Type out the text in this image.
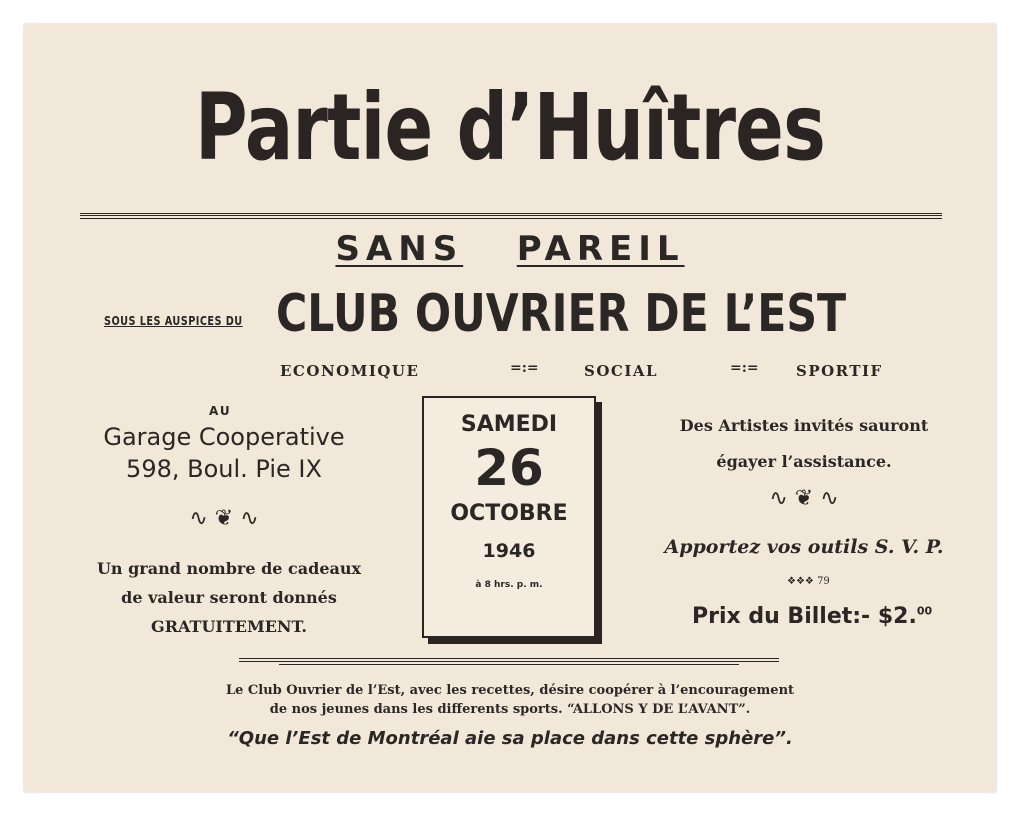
Partie d’Huîtres
SANS PAREIL
SOUS LES AUSPICES DU CLUB OUVRIER DE L’EST
ECONOMIQUE	=:=	SOCIAL	=:= SPORTIF
AU
Garage Cooperative
598, Boul. Pie IX
∿ ❦ ∿
Un grand nombre de cadeaux
de valeur seront donnés
GRATUITEMENT.
SAMEDI
26
OCTOBRE
1946
à 8 hrs. p. m.
Des Artistes invités sauront
égayer l’assistance.
∿ ❦ ∿
Apportez vos outils S. V. P.
❖❖❖ 79
Prix du Billet:- $2.00
Le Club Ouvrier de l’Est, avec les recettes, désire coopérer à l’encouragement
de nos jeunes dans les differents sports. “ALLONS Y DE L’AVANT”.
“Que l’Est de Montréal aie sa place dans cette sphère”.
